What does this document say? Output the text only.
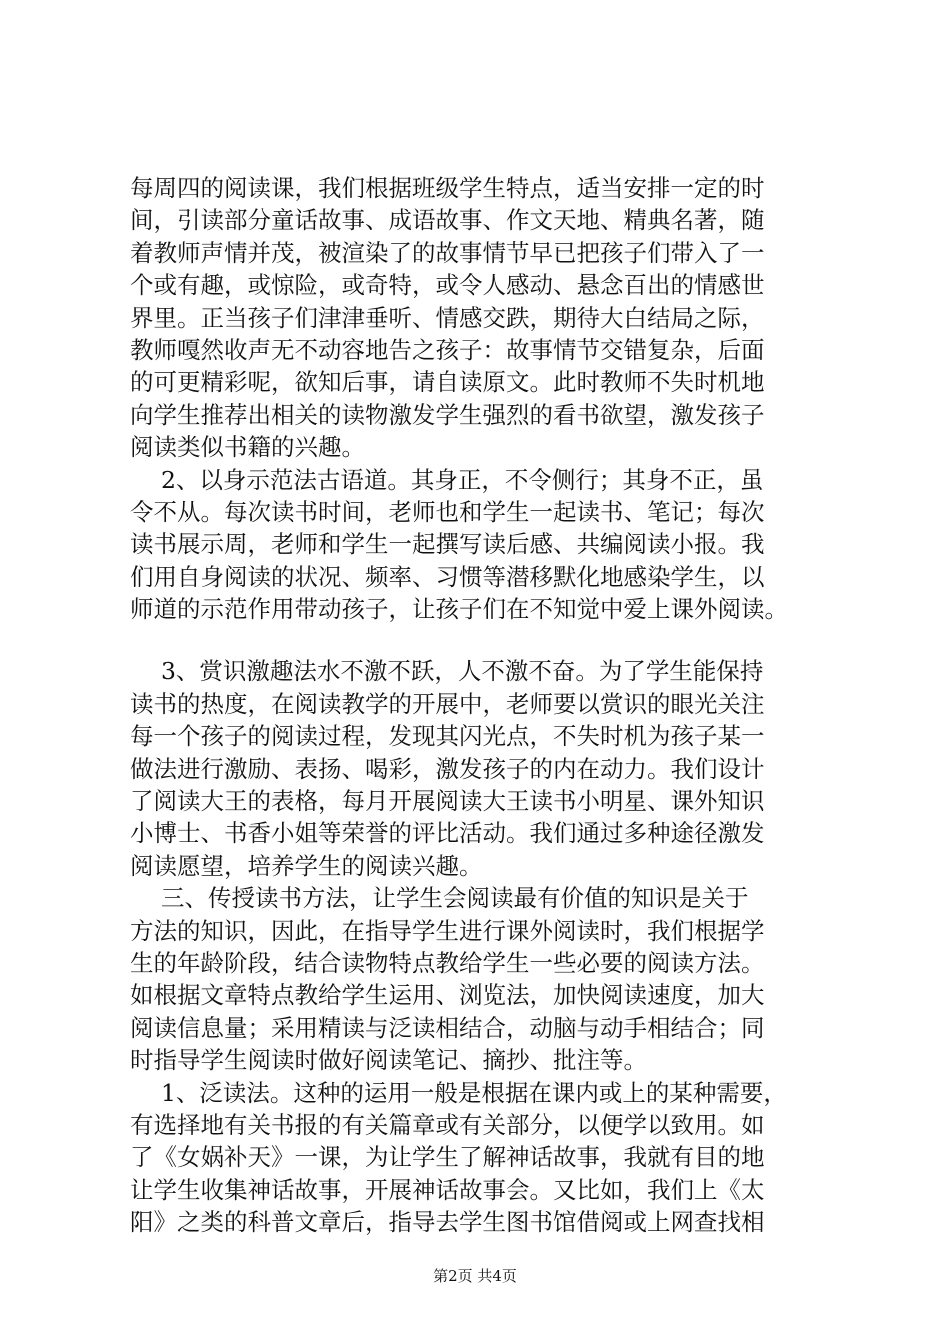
每周四的阅读课，我们根据班级学生特点，适当安排一定的时
间，引读部分童话故事、成语故事、作文天地、精典名著，随
着教师声情并茂，被渲染了的故事情节早已把孩子们带入了一
个或有趣，或惊险，或奇特，或令人感动、悬念百出的情感世
界里。正当孩子们津津垂听、情感交跌，期待大白结局之际，
教师嘎然收声无不动容地告之孩子：故事情节交错复杂，后面
的可更精彩呢，欲知后事，请自读原文。此时教师不失时机地
向学生推荐出相关的读物激发学生强烈的看书欲望，激发孩子
阅读类似书籍的兴趣。
　 2、以身示范法古语道。其身正，不令侧行；其身不正，虽
令不从。每次读书时间，老师也和学生一起读书、笔记；每次
读书展示周，老师和学生一起撰写读后感、共编阅读小报。我
们用自身阅读的状况、频率、习惯等潜移默化地感染学生，以
师道的示范作用带动孩子，让孩子们在不知觉中爱上课外阅读。
　 3、赏识激趣法水不激不跃，人不激不奋。为了学生能保持
读书的热度，在阅读教学的开展中，老师要以赏识的眼光关注
每一个孩子的阅读过程，发现其闪光点，不失时机为孩子某一
做法进行激励、表扬、喝彩，激发孩子的内在动力。我们设计
了阅读大王的表格，每月开展阅读大王读书小明星、课外知识
小博士、书香小姐等荣誉的评比活动。我们通过多种途径激发
阅读愿望，培养学生的阅读兴趣。
　 三、传授读书方法，让学生会阅读最有价值的知识是关于
方法的知识，因此，在指导学生进行课外阅读时，我们根据学
生的年龄阶段，结合读物特点教给学生一些必要的阅读方法。
如根据文章特点教给学生运用、浏览法，加快阅读速度，加大
阅读信息量；采用精读与泛读相结合，动脑与动手相结合；同
时指导学生阅读时做好阅读笔记、摘抄、批注等。
　 1、泛读法。这种的运用一般是根据在课内或上的某种需要，
有选择地有关书报的有关篇章或有关部分，以便学以致用。如
了《女娲补天》一课，为让学生了解神话故事，我就有目的地
让学生收集神话故事，开展神话故事会。又比如，我们上《太
阳》之类的科普文章后，指导去学生图书馆借阅或上网查找相
第2页 共4页
